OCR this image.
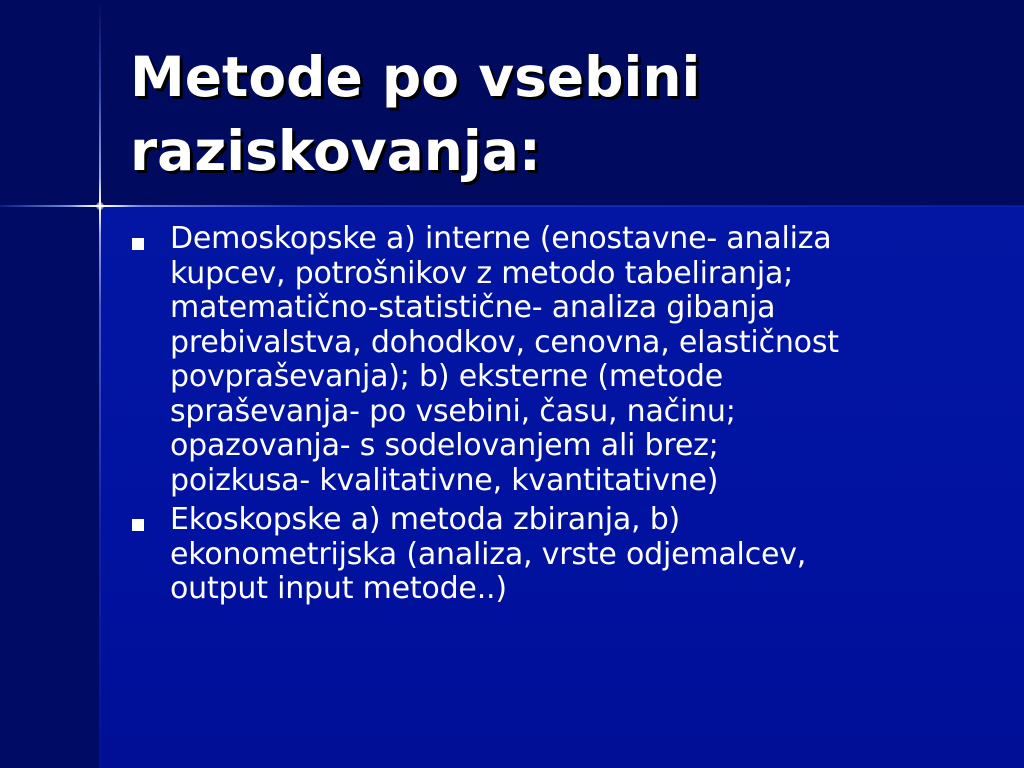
Metode po vsebini
raziskovanja:
Demoskopske a) interne (enostavne- analiza
kupcev, potrošnikov z metodo tabeliranja;
matematično-statistične- analiza gibanja
prebivalstva, dohodkov, cenovna, elastičnost
povpraševanja); b) eksterne (metode
spraševanja- po vsebini, času, načinu;
opazovanja- s sodelovanjem ali brez;
poizkusa- kvalitativne, kvantitativne)
Ekoskopske a) metoda zbiranja, b)
ekonometrijska (analiza, vrste odjemalcev,
output input metode..)
